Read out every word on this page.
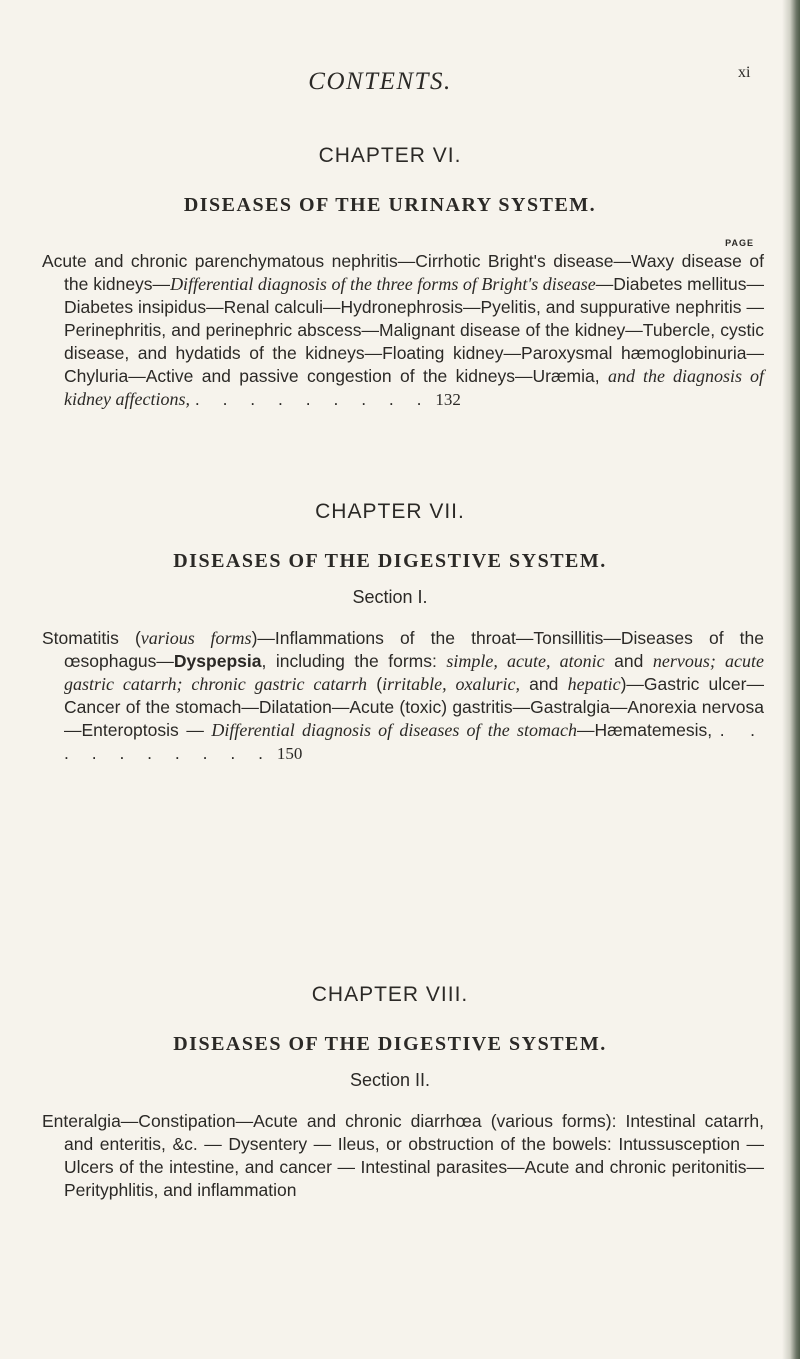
CONTENTS.	xi
CHAPTER VI.
DISEASES OF THE URINARY SYSTEM.
PAGE
Acute and chronic parenchymatous nephritis—Cirrhotic Bright's disease—Waxy disease of the kidneys—Differential diagnosis of the three forms of Bright's disease—Diabetes mellitus—Diabetes insipidus—Renal calculi—Hydronephrosis—Pyelitis, and suppurative nephritis — Perinephritis, and perinephric abscess—Malignant disease of the kidney—Tubercle, cystic disease, and hydatids of the kidneys—Floating kidney—Paroxysmal hæmoglobinuria—Chyluria—Active and passive congestion of the kidneys—Uræmia, and the diagnosis of kidney affections, . . . . . . . . . 132
CHAPTER VII.
DISEASES OF THE DIGESTIVE SYSTEM.
Section I.
Stomatitis (various forms)—Inflammations of the throat—Tonsillitis—Diseases of the œsophagus—Dyspepsia, including the forms: simple, acute, atonic and nervous; acute gastric catarrh; chronic gastric catarrh (irritable, oxaluric, and hepatic)—Gastric ulcer—Cancer of the stomach—Dilatation—Acute (toxic) gastritis—Gastralgia—Anorexia nervosa—Enteroptosis — Differential diagnosis of diseases of the stomach—Hæmatemesis, . . . . . . . . . . 150
CHAPTER VIII.
DISEASES OF THE DIGESTIVE SYSTEM.
Section II.
Enteralgia—Constipation—Acute and chronic diarrhœa (various forms): Intestinal catarrh, and enteritis, &c. — Dysentery — Ileus, or obstruction of the bowels: Intussusception — Ulcers of the intestine, and cancer — Intestinal parasites—Acute and chronic peritonitis—Perityphlitis, and inflammation
